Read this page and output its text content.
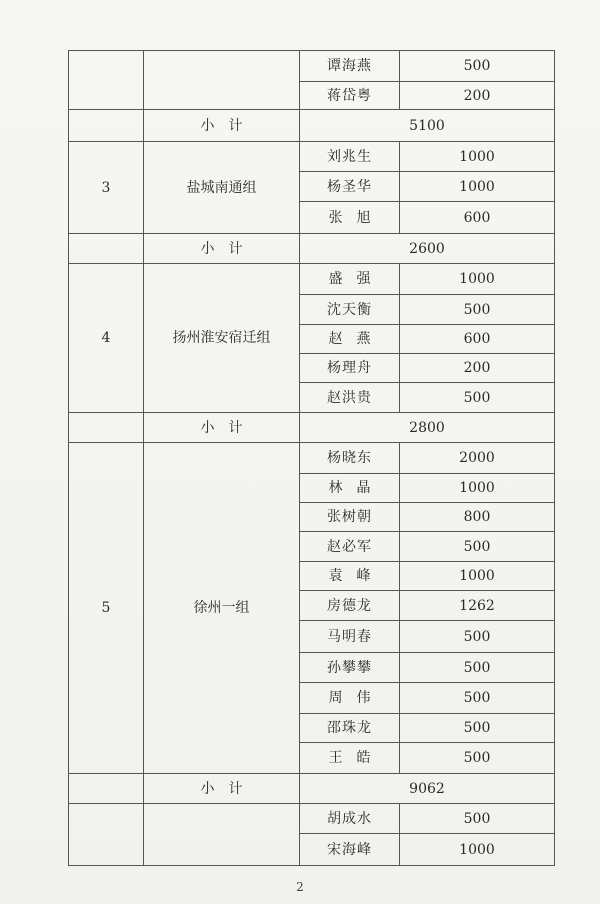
		谭海燕	500
		蒋岱粤	200
	小计	5100	
3	盐城南通组	刘兆生	1000
		杨圣华	1000
		张旭	600
	小计	2600	
4	扬州淮安宿迁组	盛强	1000
		沈天衡	500
		赵燕	600
		杨理舟	200
		赵洪贵	500
	小计	2800	
5	徐州一组	杨晓东	2000
		林晶	1000
		张树朝	800
		赵必军	500
		袁峰	1000
		房德龙	1262
		马明春	500
		孙攀攀	500
		周伟	500
		邵珠龙	500
		王皓	500
	小计	9062	
		胡成水	500
		宋海峰	1000
2
